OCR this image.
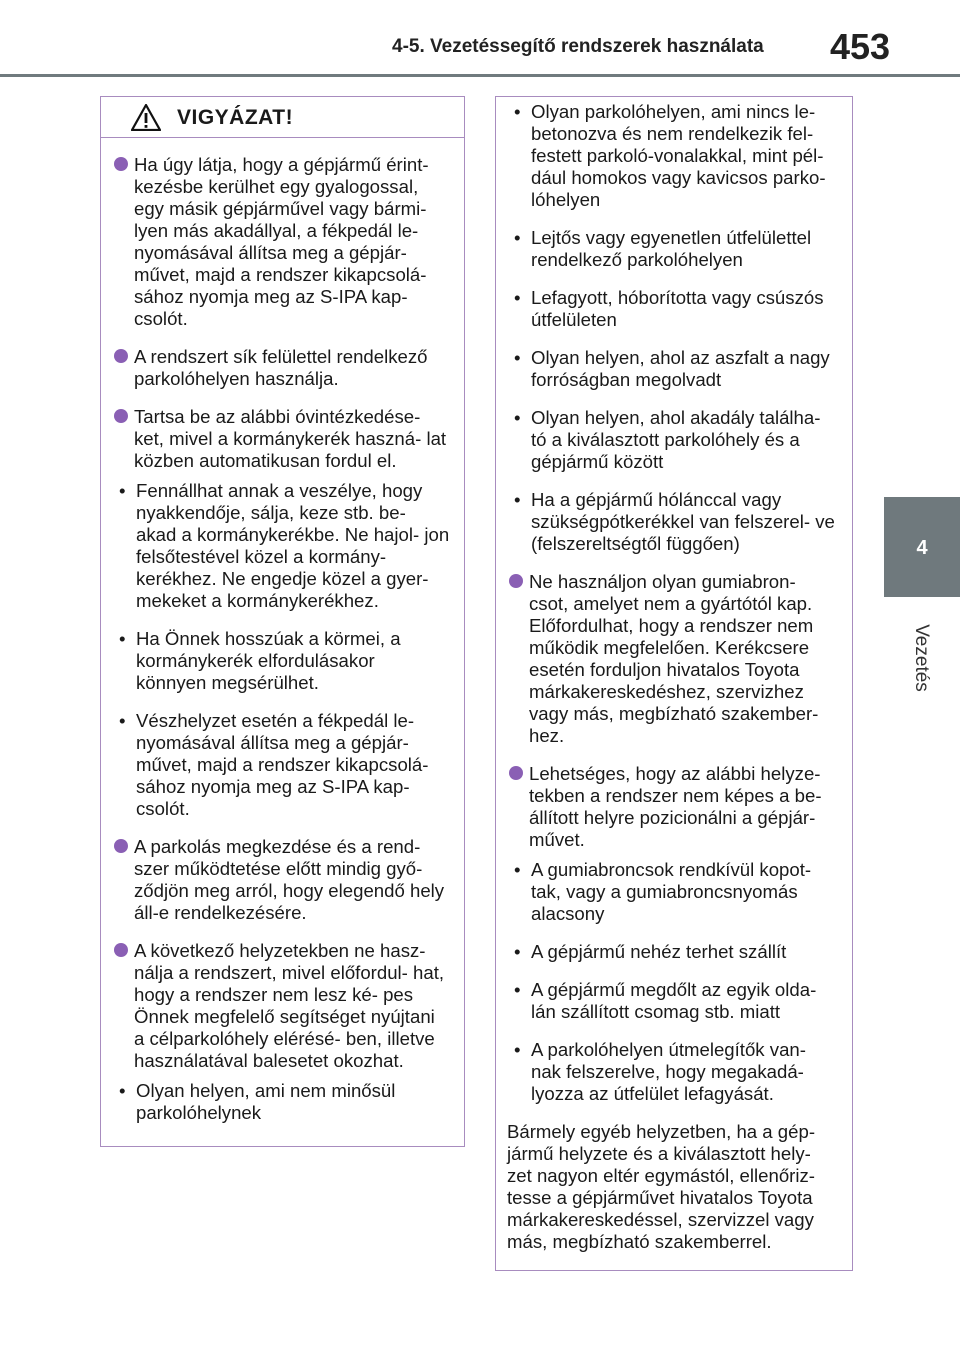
4-5. Vezetéssegítő rendszerek használata 453
4
Vezetés
VIGYÁZAT!
Ha úgy látja, hogy a gépjármű érint- kezésbe kerülhet egy gyalogossal, egy másik gépjárművel vagy bármi- lyen más akadállyal, a fékpedál le- nyomásával állítsa meg a gépjár- művet, majd a rendszer kikapcsolá- sához nyomja meg az S-IPA kap- csolót.
A rendszert sík felülettel rendelkező parkolóhelyen használja.
Tartsa be az alábbi óvintézkedése- ket, mivel a kormánykerék haszná- lat közben automatikusan fordul el.
• Fennállhat annak a veszélye, hogy nyakkendője, sálja, keze stb. be- akad a kormánykerékbe. Ne hajol- jon felsőtestével közel a kormány- kerékhez. Ne engedje közel a gyer- mekeket a kormánykerékhez.
• Ha Önnek hosszúak a körmei, a kormánykerék elfordulásakor könnyen megsérülhet.
• Vészhelyzet esetén a fékpedál le- nyomásával állítsa meg a gépjár- művet, majd a rendszer kikapcsolá- sához nyomja meg az S-IPA kap- csolót.
A parkolás megkezdése és a rend- szer működtetése előtt mindig győ- ződjön meg arról, hogy elegendő hely áll-e rendelkezésére.
A következő helyzetekben ne hasz- nálja a rendszert, mivel előfordul- hat, hogy a rendszer nem lesz ké- pes Önnek megfelelő segítséget nyújtani a célparkolóhely elérésé- ben, illetve használatával balesetet okozhat.
• Olyan helyen, ami nem minősül parkolóhelynek
• Olyan parkolóhelyen, ami nincs le- betonozva és nem rendelkezik fel- festett parkoló-vonalakkal, mint pél- dául homokos vagy kavicsos parko- lóhelyen
• Lejtős vagy egyenetlen útfelülettel rendelkező parkolóhelyen
• Lefagyott, hóborította vagy csúszós útfelületen
• Olyan helyen, ahol az aszfalt a nagy forróságban megolvadt
• Olyan helyen, ahol akadály találha- tó a kiválasztott parkolóhely és a gépjármű között
• Ha a gépjármű hólánccal vagy szükségpótkerékkel van felszerel- ve (felszereltségtől függően)
Ne használjon olyan gumiabron- csot, amelyet nem a gyártótól kap. Előfordulhat, hogy a rendszer nem működik megfelelően. Kerékcsere esetén forduljon hivatalos Toyota márkakereskedéshez, szervizhez vagy más, megbízható szakember- hez.
Lehetséges, hogy az alábbi helyze- tekben a rendszer nem képes a be- állított helyre pozicionálni a gépjár- művet.
• A gumiabroncsok rendkívül kopot- tak, vagy a gumiabroncsnyomás alacsony
• A gépjármű nehéz terhet szállít
• A gépjármű megdőlt az egyik olda- lán szállított csomag stb. miatt
• A parkolóhelyen útmelegítők van- nak felszerelve, hogy megakadá- lyozza az útfelület lefagyását.
Bármely egyéb helyzetben, ha a gép- jármű helyzete és a kiválasztott hely- zet nagyon eltér egymástól, ellenőriz- tesse a gépjárművet hivatalos Toyota márkakereskedéssel, szervizzel vagy más, megbízható szakemberrel.
